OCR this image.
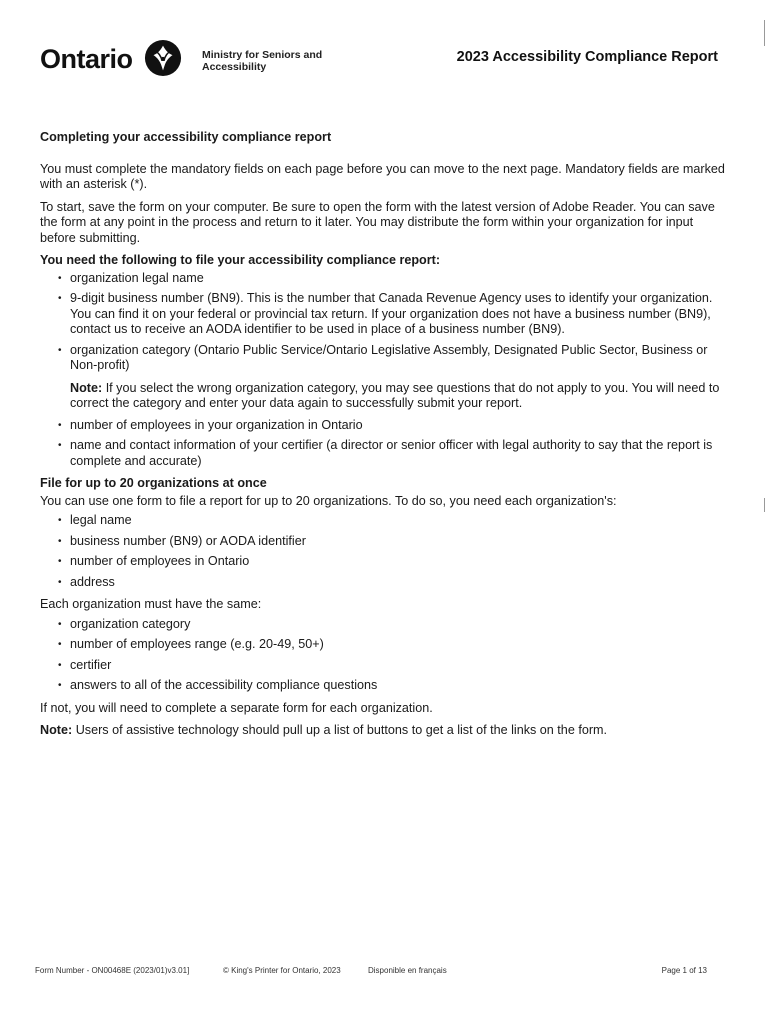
Ontario	Ministry for Seniors and
Accessibility
2023 Accessibility Compliance Report
Completing your accessibility compliance report

You must complete the mandatory fields on each page before you can move to the next page. Mandatory fields are marked with an asterisk (*).

To start, save the form on your computer. Be sure to open the form with the latest version of Adobe Reader. You can save the form at any point in the process and return to it later. You may distribute the form within your organization for input before submitting.

You need the following to file your accessibility compliance report:
• organization legal name
• 9-digit business number (BN9). This is the number that Canada Revenue Agency uses to identify your organization. You can find it on your federal or provincial tax return. If your organization does not have a business number (BN9), contact us to receive an AODA identifier to be used in place of a business number (BN9).
• organization category (Ontario Public Service/Ontario Legislative Assembly, Designated Public Sector, Business or Non-profit)
Note: If you select the wrong organization category, you may see questions that do not apply to you. You will need to correct the category and enter your data again to successfully submit your report.
• number of employees in your organization in Ontario
• name and contact information of your certifier (a director or senior officer with legal authority to say that the report is complete and accurate)
File for up to 20 organizations at once

You can use one form to file a report for up to 20 organizations. To do so, you need each organization's:

• legal name
• business number (BN9) or AODA identifier
• number of employees in Ontario
• address

Each organization must have the same:

• organization category
• number of employees range (e.g. 20-49, 50+)
• certifier
• answers to all of the accessibility compliance questions

If not, you will need to complete a separate form for each organization.

Note: Users of assistive technology should pull up a list of buttons to get a list of the links on the form.

Form Number - ON00468E (2023/01)v3.01]	© King's Printer for Ontario, 2023	Disponible en français	Page 1 of 13
